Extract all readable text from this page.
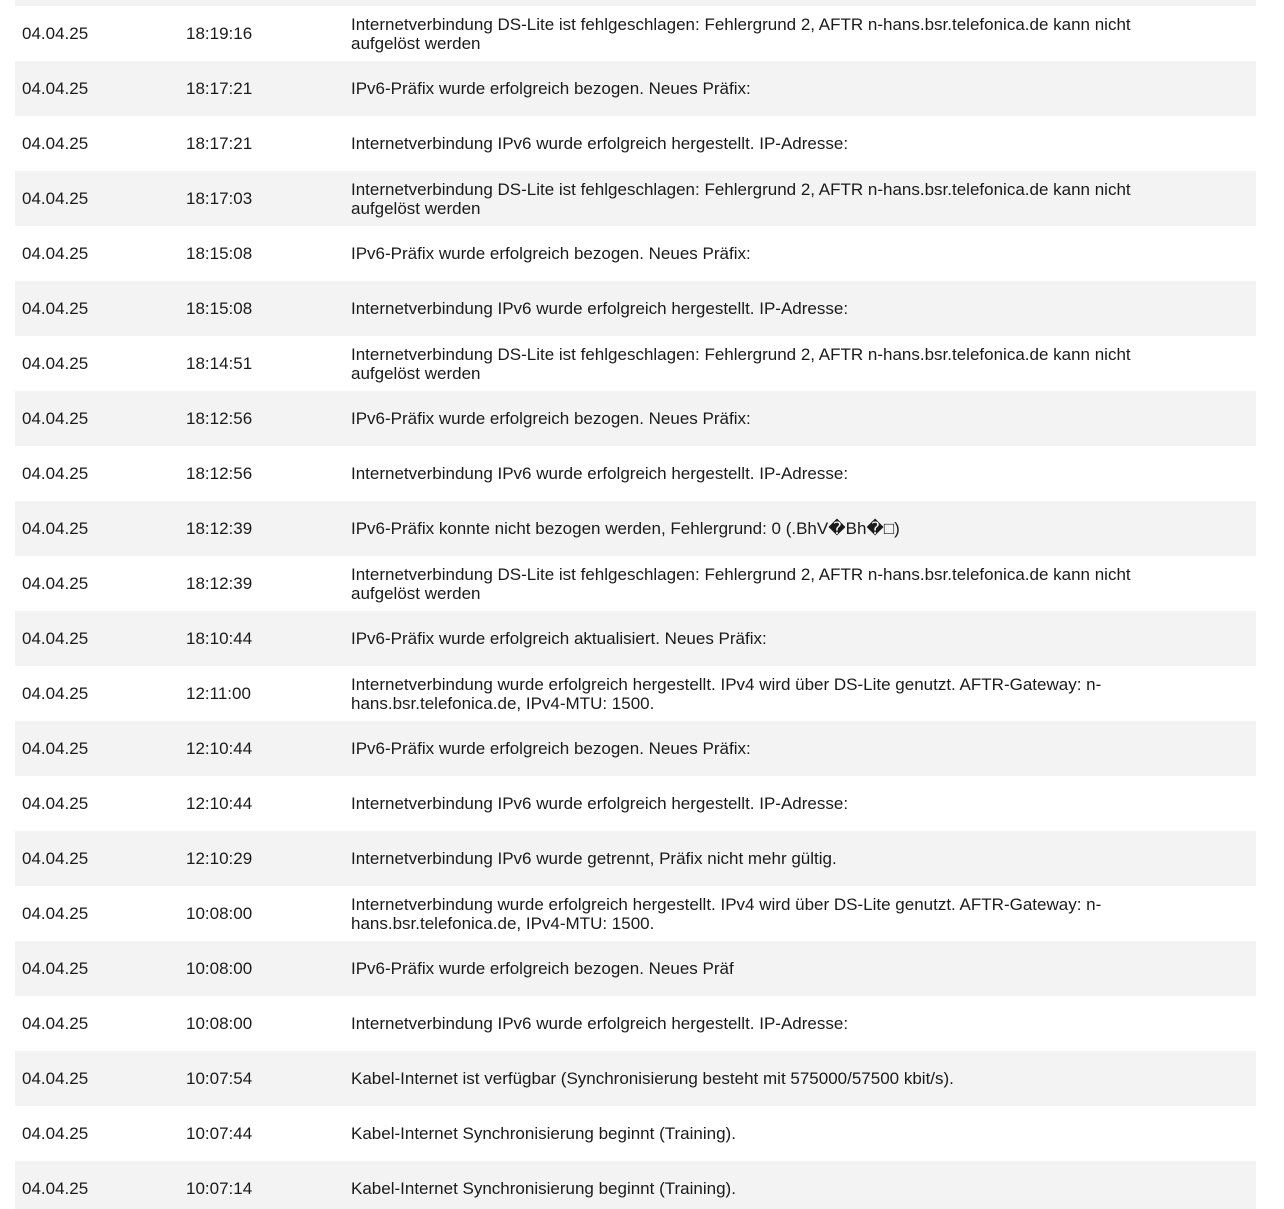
04.04.25	18:19:16	Internetverbindung DS-Lite ist fehlgeschlagen: Fehlergrund 2, AFTR n-hans.bsr.telefonica.de kann nicht aufgelöst werden
04.04.25	18:17:21	IPv6-Präfix wurde erfolgreich bezogen. Neues Präfix:
04.04.25	18:17:21	Internetverbindung IPv6 wurde erfolgreich hergestellt. IP-Adresse:
04.04.25	18:17:03	Internetverbindung DS-Lite ist fehlgeschlagen: Fehlergrund 2, AFTR n-hans.bsr.telefonica.de kann nicht aufgelöst werden
04.04.25	18:15:08	IPv6-Präfix wurde erfolgreich bezogen. Neues Präfix:
04.04.25	18:15:08	Internetverbindung IPv6 wurde erfolgreich hergestellt. IP-Adresse:
04.04.25	18:14:51	Internetverbindung DS-Lite ist fehlgeschlagen: Fehlergrund 2, AFTR n-hans.bsr.telefonica.de kann nicht aufgelöst werden
04.04.25	18:12:56	IPv6-Präfix wurde erfolgreich bezogen. Neues Präfix:
04.04.25	18:12:56	Internetverbindung IPv6 wurde erfolgreich hergestellt. IP-Adresse:
04.04.25	18:12:39	IPv6-Präfix konnte nicht bezogen werden, Fehlergrund: 0 (.BhV�Bh�□)
04.04.25	18:12:39	Internetverbindung DS-Lite ist fehlgeschlagen: Fehlergrund 2, AFTR n-hans.bsr.telefonica.de kann nicht aufgelöst werden
04.04.25	18:10:44	IPv6-Präfix wurde erfolgreich aktualisiert. Neues Präfix:
04.04.25	12:11:00	Internetverbindung wurde erfolgreich hergestellt. IPv4 wird über DS-Lite genutzt. AFTR-Gateway: n-hans.bsr.telefonica.de, IPv4-MTU: 1500.
04.04.25	12:10:44	IPv6-Präfix wurde erfolgreich bezogen. Neues Präfix:
04.04.25	12:10:44	Internetverbindung IPv6 wurde erfolgreich hergestellt. IP-Adresse:
04.04.25	12:10:29	Internetverbindung IPv6 wurde getrennt, Präfix nicht mehr gültig.
04.04.25	10:08:00	Internetverbindung wurde erfolgreich hergestellt. IPv4 wird über DS-Lite genutzt. AFTR-Gateway: n-hans.bsr.telefonica.de, IPv4-MTU: 1500.
04.04.25	10:08:00	IPv6-Präfix wurde erfolgreich bezogen. Neues Präf
04.04.25	10:08:00	Internetverbindung IPv6 wurde erfolgreich hergestellt. IP-Adresse:
04.04.25	10:07:54	Kabel-Internet ist verfügbar (Synchronisierung besteht mit 575000/57500 kbit/s).
04.04.25	10:07:44	Kabel-Internet Synchronisierung beginnt (Training).
04.04.25	10:07:14	Kabel-Internet Synchronisierung beginnt (Training).
